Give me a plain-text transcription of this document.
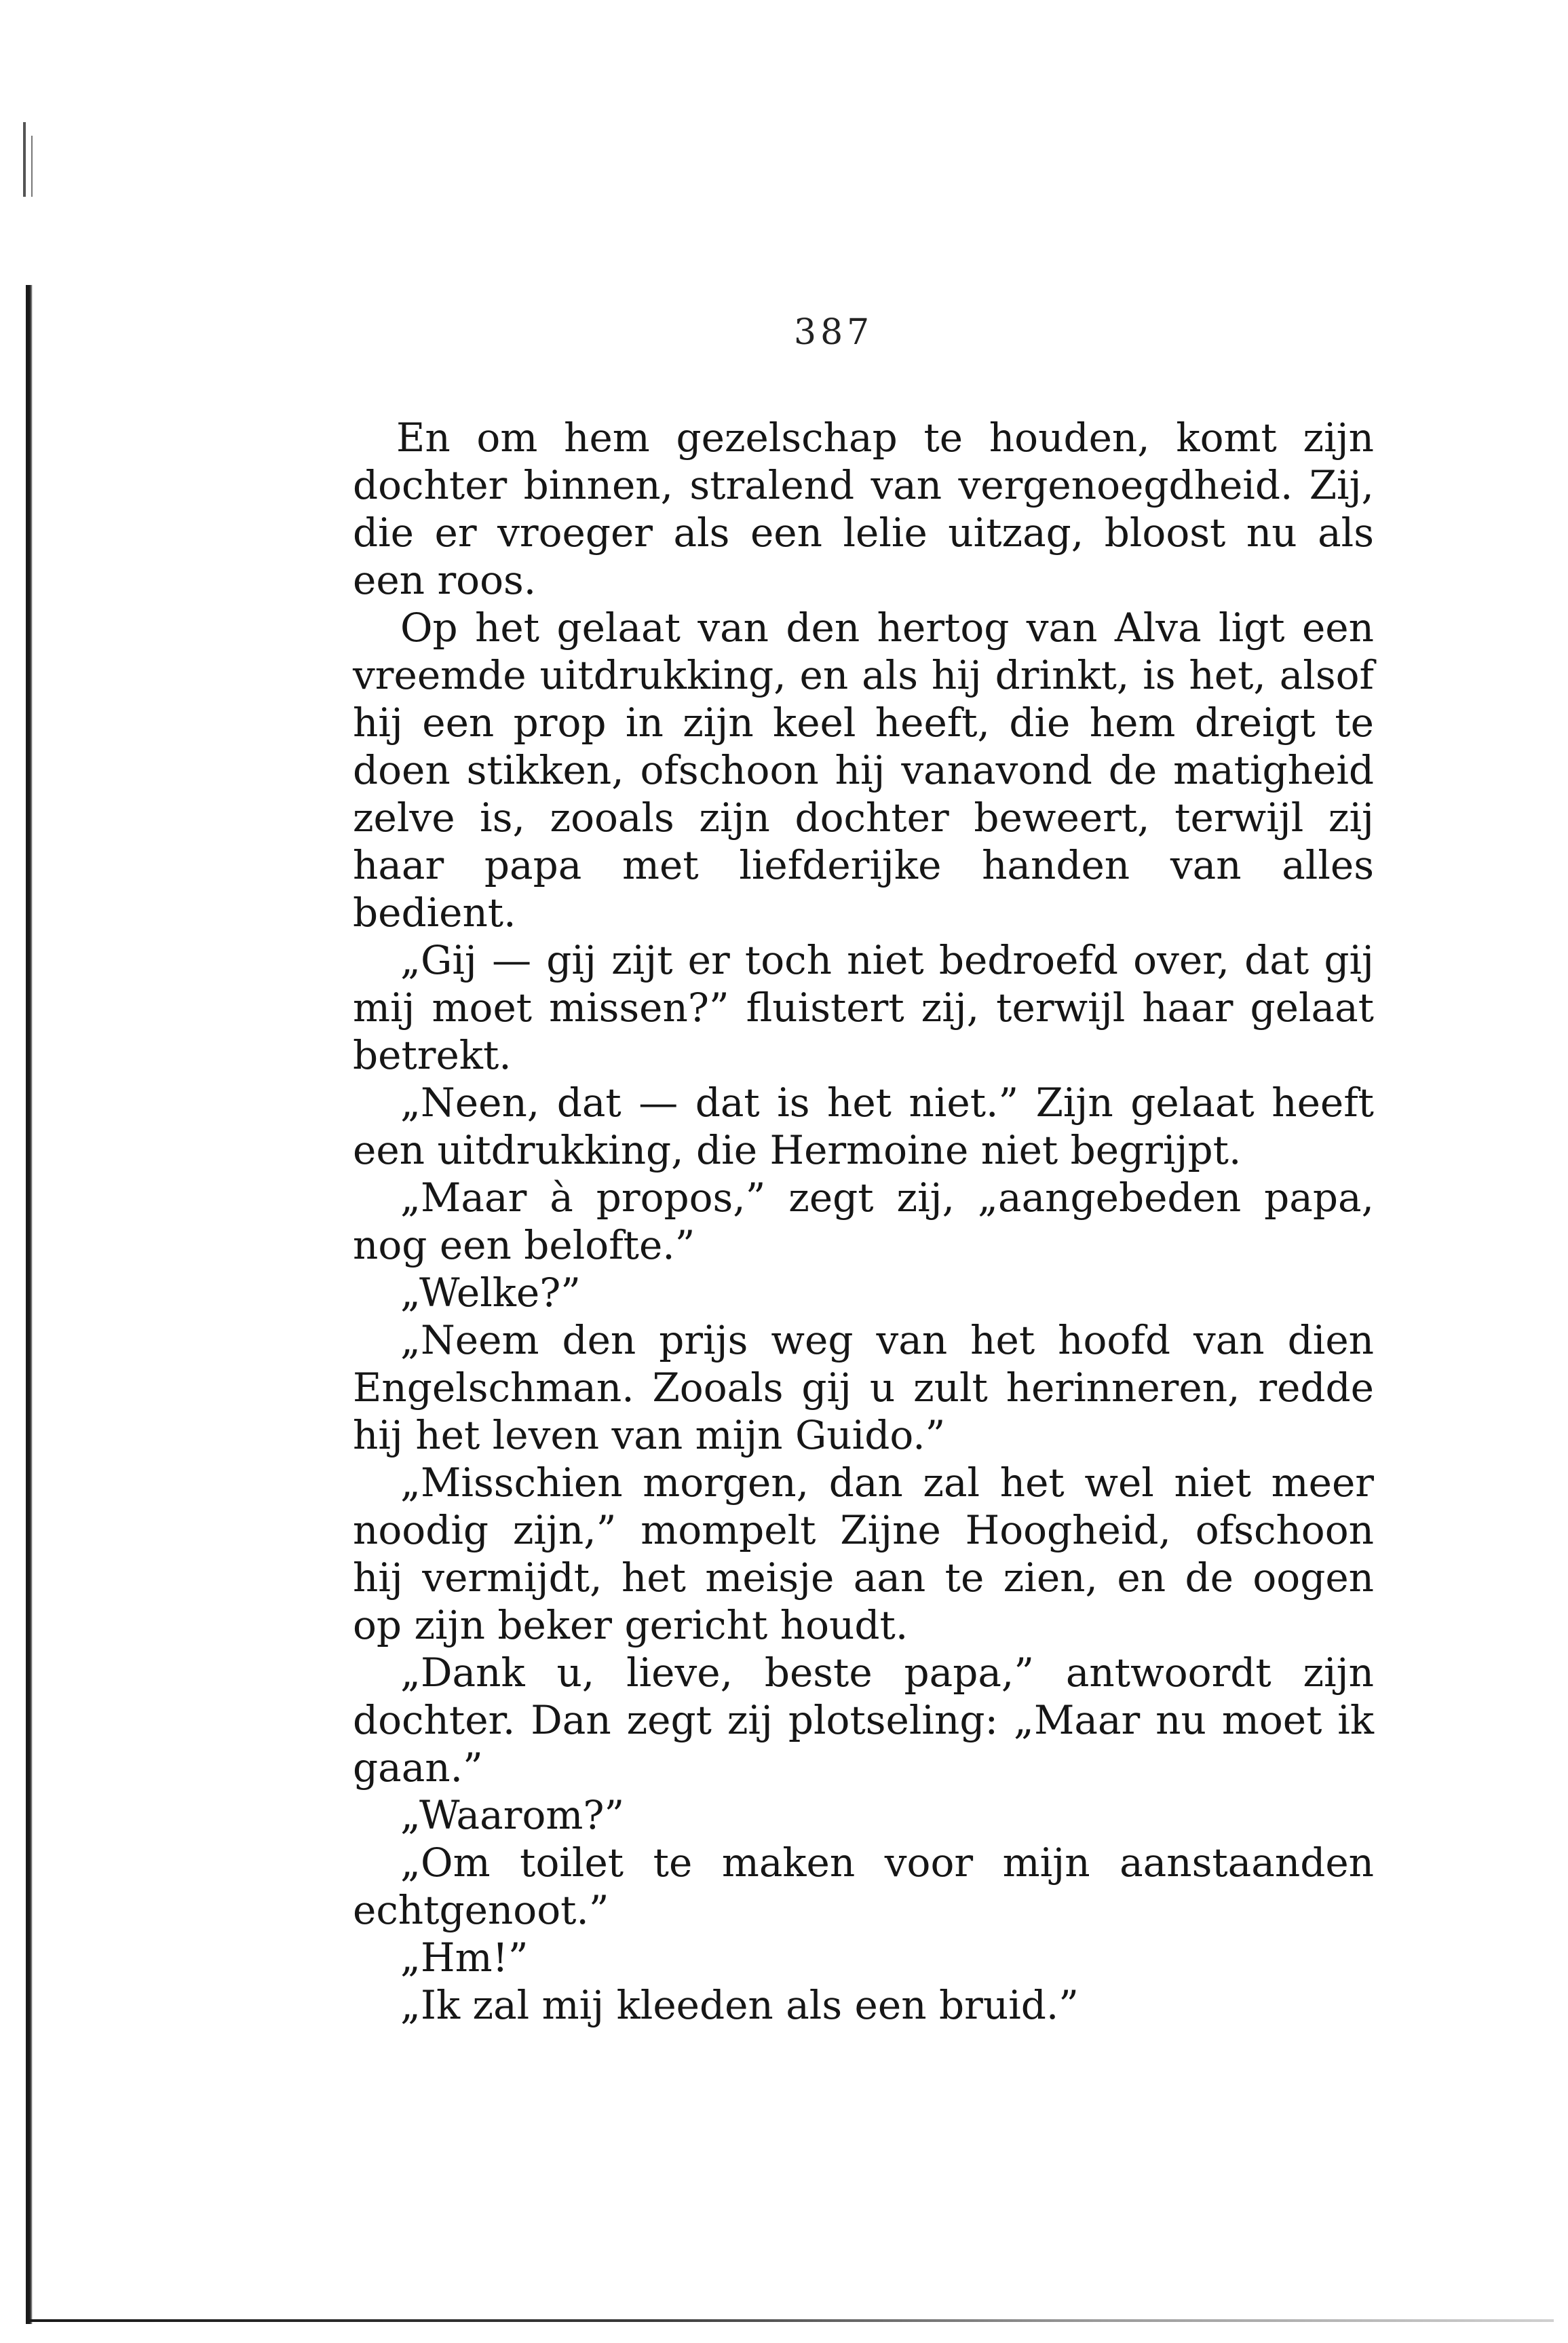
387

En om hem gezelschap te houden, komt zijn dochter binnen, stralend van vergenoegdheid. Zij, die er vroeger als een lelie uitzag, bloost nu als een roos.

Op het gelaat van den hertog van Alva ligt een vreemde uitdrukking, en als hij drinkt, is het, alsof hij een prop in zijn keel heeft, die hem dreigt te doen stikken, ofschoon hij vanavond de matigheid zelve is, zooals zijn dochter beweert, terwijl zij haar papa met liefderijke handen van alles bedient.

„Gij — gij zijt er toch niet bedroefd over, dat gij mij moet missen?” fluistert zij, terwijl haar gelaat betrekt.

„Neen, dat — dat is het niet.” Zijn gelaat heeft een uitdrukking, die Hermoine niet begrijpt.

„Maar à propos,” zegt zij, „aangebeden papa, nog een belofte.”

„Welke?”

„Neem den prijs weg van het hoofd van dien Engelschman. Zooals gij u zult herinneren, redde hij het leven van mijn Guido.”

„Misschien morgen, dan zal het wel niet meer noodig zijn,” mompelt Zijne Hoogheid, ofschoon hij vermijdt, het meisje aan te zien, en de oogen op zijn beker gericht houdt.

„Dank u, lieve, beste papa,” antwoordt zijn dochter. Dan zegt zij plotseling: „Maar nu moet ik gaan.”

„Waarom?”

„Om toilet te maken voor mijn aanstaanden echtgenoot.”

„Hm!”

„Ik zal mij kleeden als een bruid.”
